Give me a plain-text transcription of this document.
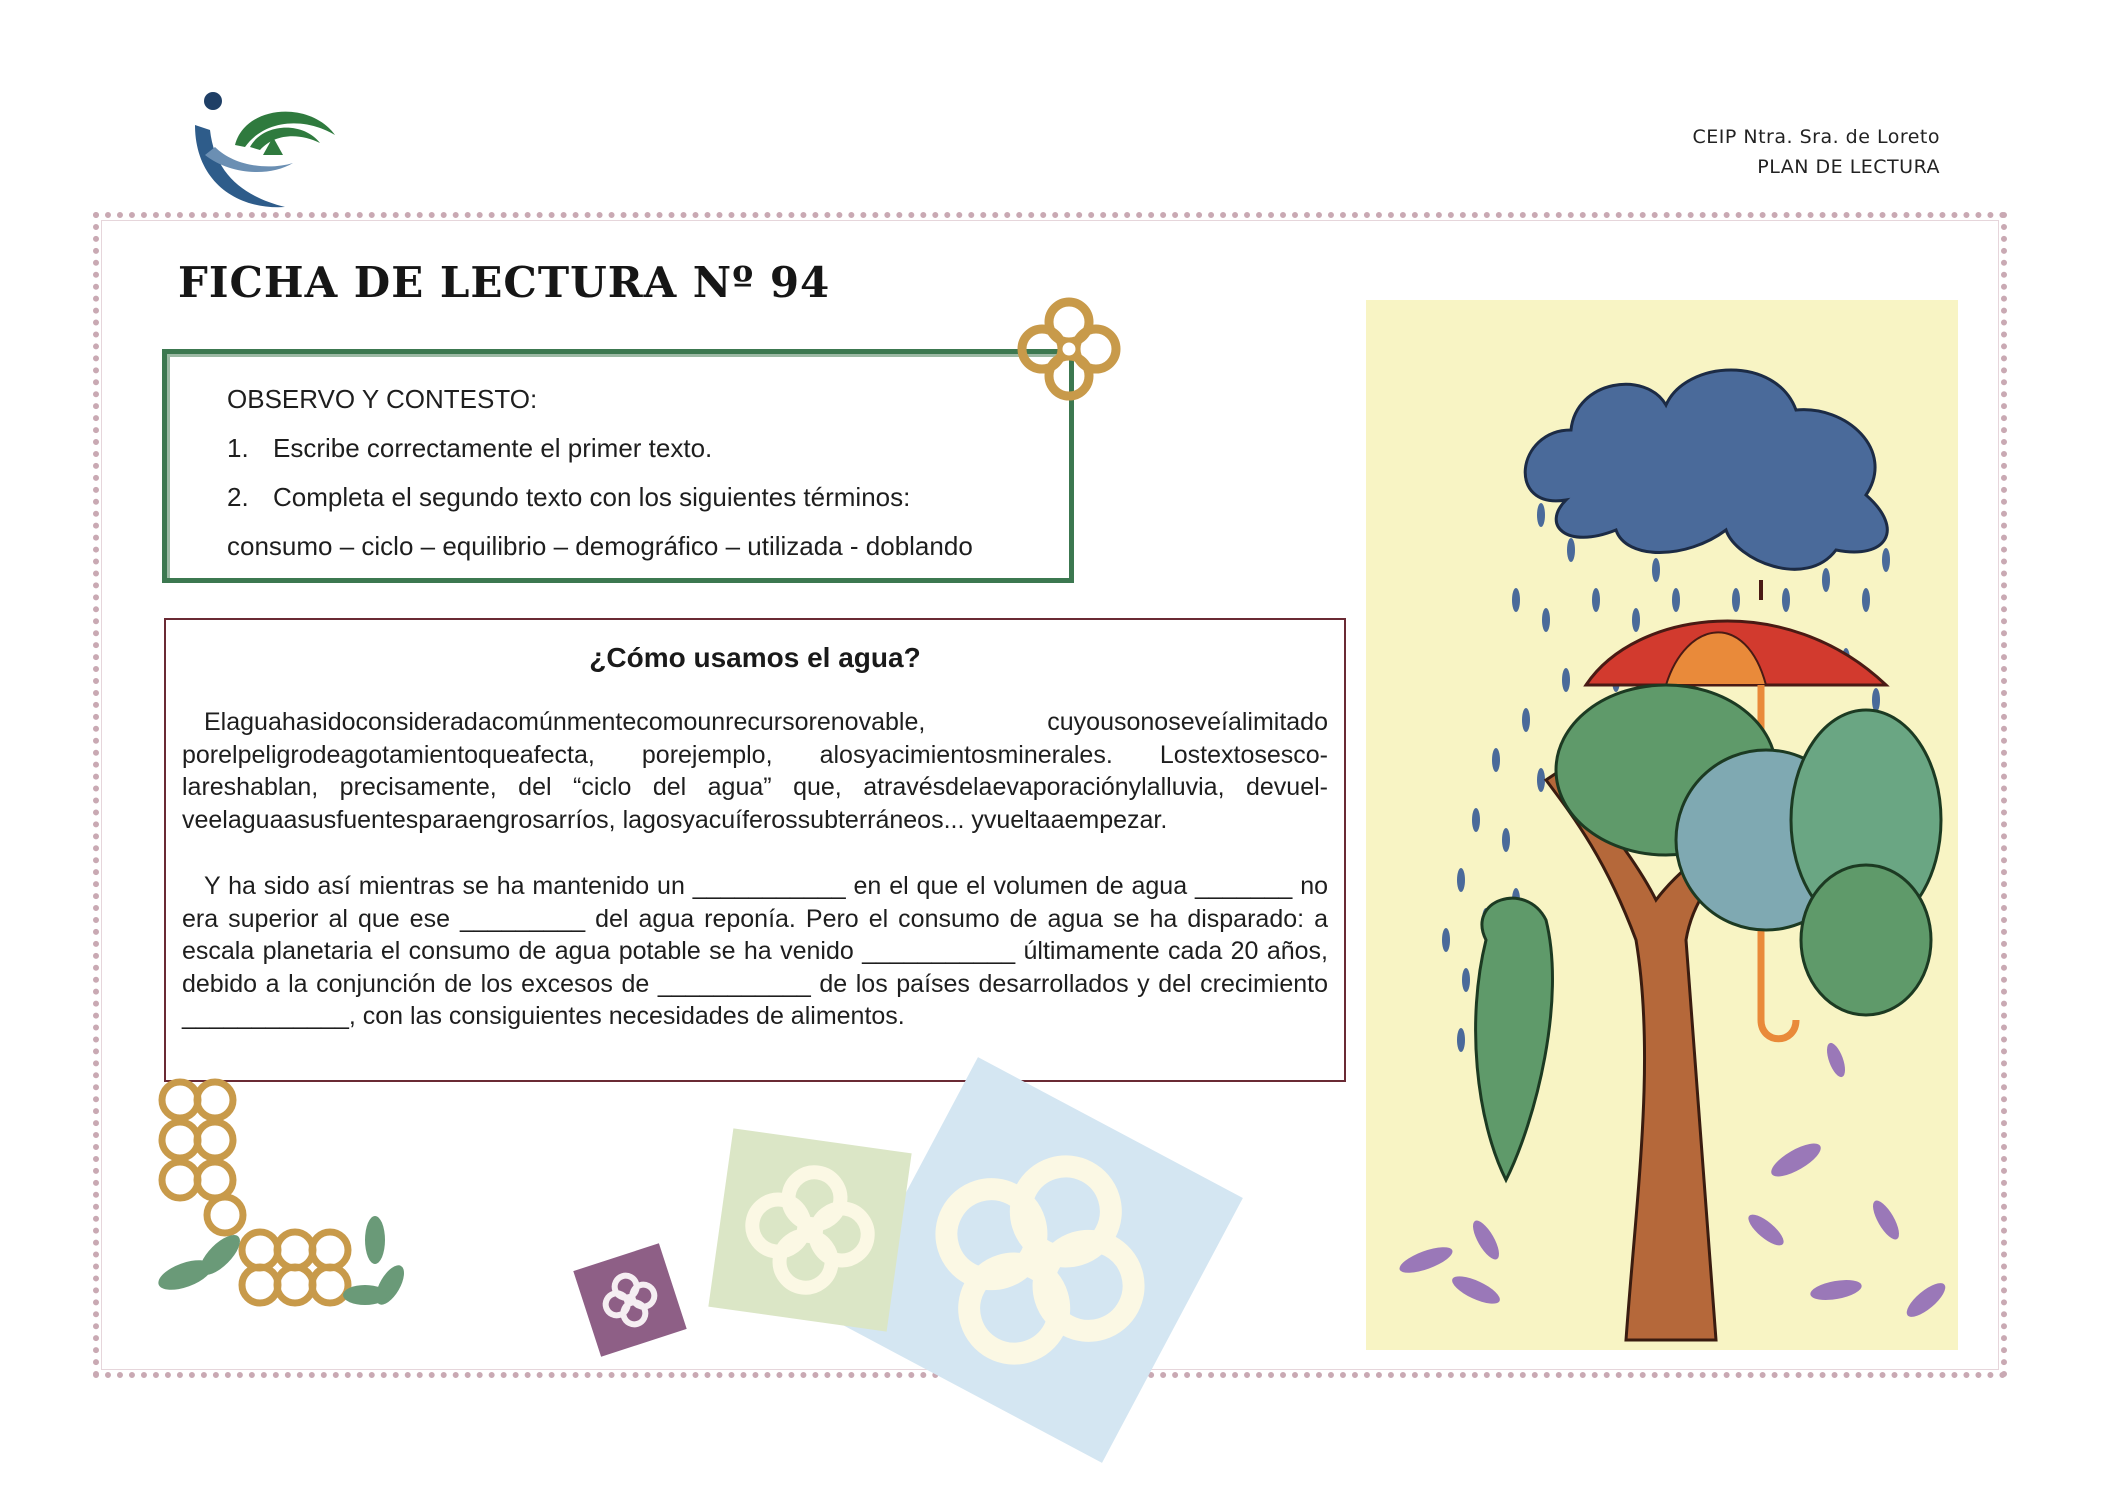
CEIP Ntra. Sra. de Loreto
PLAN DE LECTURA
FICHA DE LECTURA Nº 94
OBSERVO Y CONTESTO:
1. Escribe correctamente el primer texto.
2. Completa el segundo texto con los siguientes términos:
consumo – ciclo – equilibrio – demográfico – utilizada - doblando
¿Cómo usamos el agua?
Elaguahasidoconsideradacomúnmentecomounrecursorenovable, cuyousonoseveíalimitado porelpeligrodeagotamientoqueafecta, porejemplo, alosyacimientosminerales. Lostextosesco-lareshablan, precisamente, del “ciclo del agua” que, atravésdelaevaporaciónylalluvia, devuel-veelaguaasusfuentesparaengrosarríos, lagosyacuíferossubterráneos... yvueltaaempezar.
Y ha sido así mientras se ha mantenido un ___________ en el que el volumen de agua _______ no era superior al que ese _________ del agua reponía. Pero el consumo de agua se ha disparado: a escala planetaria el consumo de agua potable se ha venido ___________ últimamente cada 20 años, debido a la conjunción de los excesos de ___________ de los países desarrollados y del crecimiento ____________, con las consiguientes necesidades de alimentos.
